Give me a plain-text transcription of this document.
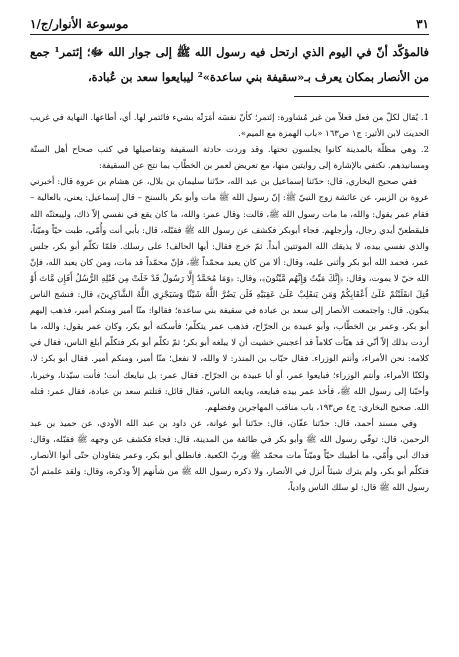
٣١
موسوعة الأنوار/ج/١
فالمؤكّد أنّ في اليوم الذي ارتحل فيه رسول الله ﷺ إلى جوار الله ﷻ؛ إئتمر¹ جمع من الأنصار بمكان يعرف بـ«سقيفة بني ساعدة»² ليبايعوا سعد بن عُبادة،

1. يُقال لكلّ من فعل فعلاً من غير مُشاورة: إئتمر؛ كأنّ نفسَه أمَرَتْه بشيء فائتمر لها. أي، أطاعها. النهاية في غريب الحديث لابن الأثير: ج١ ص١٦٣ «باب الهمزة مع الميم».

2. وهي مظلّة بالمدينة كانوا يجلسون تحتها. وقد وردت حادثة السقيفة وتفاصيلها في كتب صحاح أهل السنّة ومسانيدهم. نكتفي بالإشارة إلى روايتين منها، مع تعريض لعمر بن الخطّاب بما نتج عن السقيفة:

ففي صحيح البخاري، قال: حدّثنا إسماعيل بن عبد الله، حدّثنا سليمان بن بلال، عن هشام بن عروة قال: أخبرني عروة بن الزبير، عن عائشة زوج النبيّ ﷺ: إنّ رسول الله ﷺ مات وأبو بكر بالسنح – قال إسماعيل: يعني، بالعالية – فقام عمر يقول: والله، ما مات رسول الله ﷺ، قالت: وقال عمر: والله، ما كان يقع في نفسي إلاّ ذاك، وليبعثنّه الله فليقطعنّ أيدي رجال، وأرجلهم. فجاء أبوبكر فكشف عن رسول الله ﷺ فقبّله، قال: بأبي أنت وأُمّي، طبت حيّاً وميّتاً، والذي نفسي بيده، لا يذيقك الله الموتتين أبداً. ثمّ خرج فقال: أيها الحالف! على رسلك. فلمّا تكلّم أبو بكر، جلس عمر، فحمد الله أبو بكر وأثنى عليه، وقال: ألا من كان يعبد محمّداً ﷺ، فإنّ محمّداً قد مات، ومن كان يعبد الله، فإنّ الله حيّ لا يموت، وقال: ﴿إِنَّكَ مَيِّتٌ وَإِنَّهُم مَّيِّتُونَ﴾، وقال: ﴿وَمَا مُحَمَّدٌ إِلَّا رَسُولٌ قَدْ خَلَتْ مِن قَبْلِهِ الرُّسُلُ أَفَإِن مَّاتَ أَوْ قُتِلَ انقَلَبْتُمْ عَلَىٰ أَعْقَابِكُمْ وَمَن يَنقَلِبْ عَلَىٰ عَقِبَيْهِ فَلَن يَضُرَّ اللَّهَ شَيْئًا وَسَيَجْزِي اللَّهُ الشَّاكِرِينَ﴾ قال: فنشج الناس يبكون. قال: واجتمعت الأنصار إلى سعد بن عبادة في سقيفة بني ساعدة؛ فقالوا: منّا أمير ومنكم أمير، فذهب إليهم أبو بكر، وعمر بن الخطّاب، وأبو عبيدة بن الجرّاح، فذهب عمر يتكلّم؛ فأسكته أبو بكر، وكان عمر يقول: والله، ما أردت بذلك إلاّ أنّي قد هيّأت كلاماً قد أعجبني خشيت أن لا يبلغه أبو بكر؛ ثمّ تكلّم أبو بكر فتكلّم أبلغ الناس، فقال في كلامه: نحن الأمراء، وأنتم الوزراء. فقال حبّاب بن المنذر: لا والله، لا نفعل؛ منّا أمير، ومنكم أمير. فقال أبو بكر: لا، ولكنّا الأمراء، وأنتم الوزراء؛ فبايعوا عمر، أو أبا عبيدة بن الجرّاح. فقال عمر: بل نبايعك أنت؛ فأنت سيّدنا، وخيرنا، وأحبّنا إلى رسول الله ﷺ، فأخذ عمر بيده فبايعه، وبايعه الناس، فقال قائل: قتلتم سعد بن عبادة، فقال عمر: قتله الله. صحيح البخاري: ج٤ ص١٩٣، باب مناقب المهاجرين وفضلهم.

وفي مسند أحمد، قال: حدّثنا عفّان، قال: حدّثنا أبو عوانة، عن داود بن عبد الله الأودي، عن حميد بن عبد الرحمن، قال: توفّي رسول الله ﷺ وأبو بكر في طائفة من المدينة، قال: فجاء فكشف عن وجهه ﷺ فقبّله، وقال: فداك أبي وأُمّي، ما أطيبك حيّاً وميّتاً مات محمّد ﷺ وربّ الكعبة. فانطلق أبو بكر، وعمر يتقاودان حتّى أتوا الأنصار، فتكلّم أبو بكر، ولم يترك شيئاً أنزل في الأنصار، ولا ذكره رسول الله ﷺ من شأنهم إلاّ وذكره، وقال: ولقد علمتم أنّ رسول الله ﷺ قال: لو سلك الناس وادياً،
